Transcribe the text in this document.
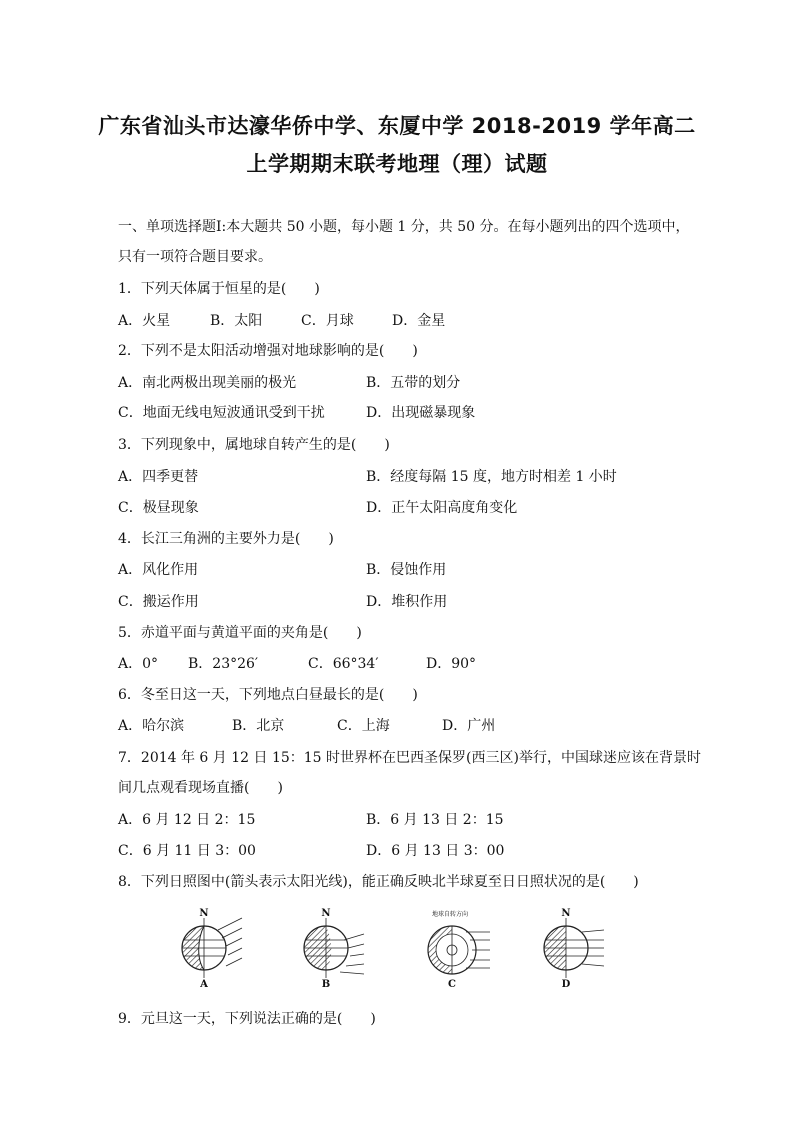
广东省汕头市达濠华侨中学、东厦中学 2018-2019 学年高二
上学期期末联考地理（理）试题
一、单项选择题Ⅰ:本大题共 50 小题，每小题 1 分，共 50 分。在每小题列出的四个选项中，
只有一项符合题目要求。
1．下列天体属于恒星的是(　　)
A．火星	B．太阳	C．月球	D．金星
2．下列不是太阳活动增强对地球影响的是(　　)
A．南北两极出现美丽的极光	B．五带的划分
C．地面无线电短波通讯受到干扰	D．出现磁暴现象
3．下列现象中，属地球自转产生的是(　　)
A．四季更替	B．经度每隔 15 度，地方时相差 1 小时
C．极昼现象	D．正午太阳高度角变化
4．长江三角洲的主要外力是(　　)
A．风化作用	B．侵蚀作用
C．搬运作用	D．堆积作用
5．赤道平面与黄道平面的夹角是(　　)
A．0° B．23°26′	C．66°34′	D．90°
6．冬至日这一天，下列地点白昼最长的是(　　)
A．哈尔滨	B．北京	C．上海	D．广州
7．2014 年 6 月 12 日 15：15 时世界杯在巴西圣保罗(西三区)举行，中国球迷应该在背景时
间几点观看现场直播(　　)
A．6 月 12 日 2：15	B．6 月 13 日 2：15
C．6 月 11 日 3：00	D．6 月 13 日 3：00
8．下列日照图中(箭头表示太阳光线)，能正确反映北半球夏至日日照状况的是(　　)
N
A
N
B
地球自转方向
C
N
D
9．元旦这一天，下列说法正确的是(　　)
